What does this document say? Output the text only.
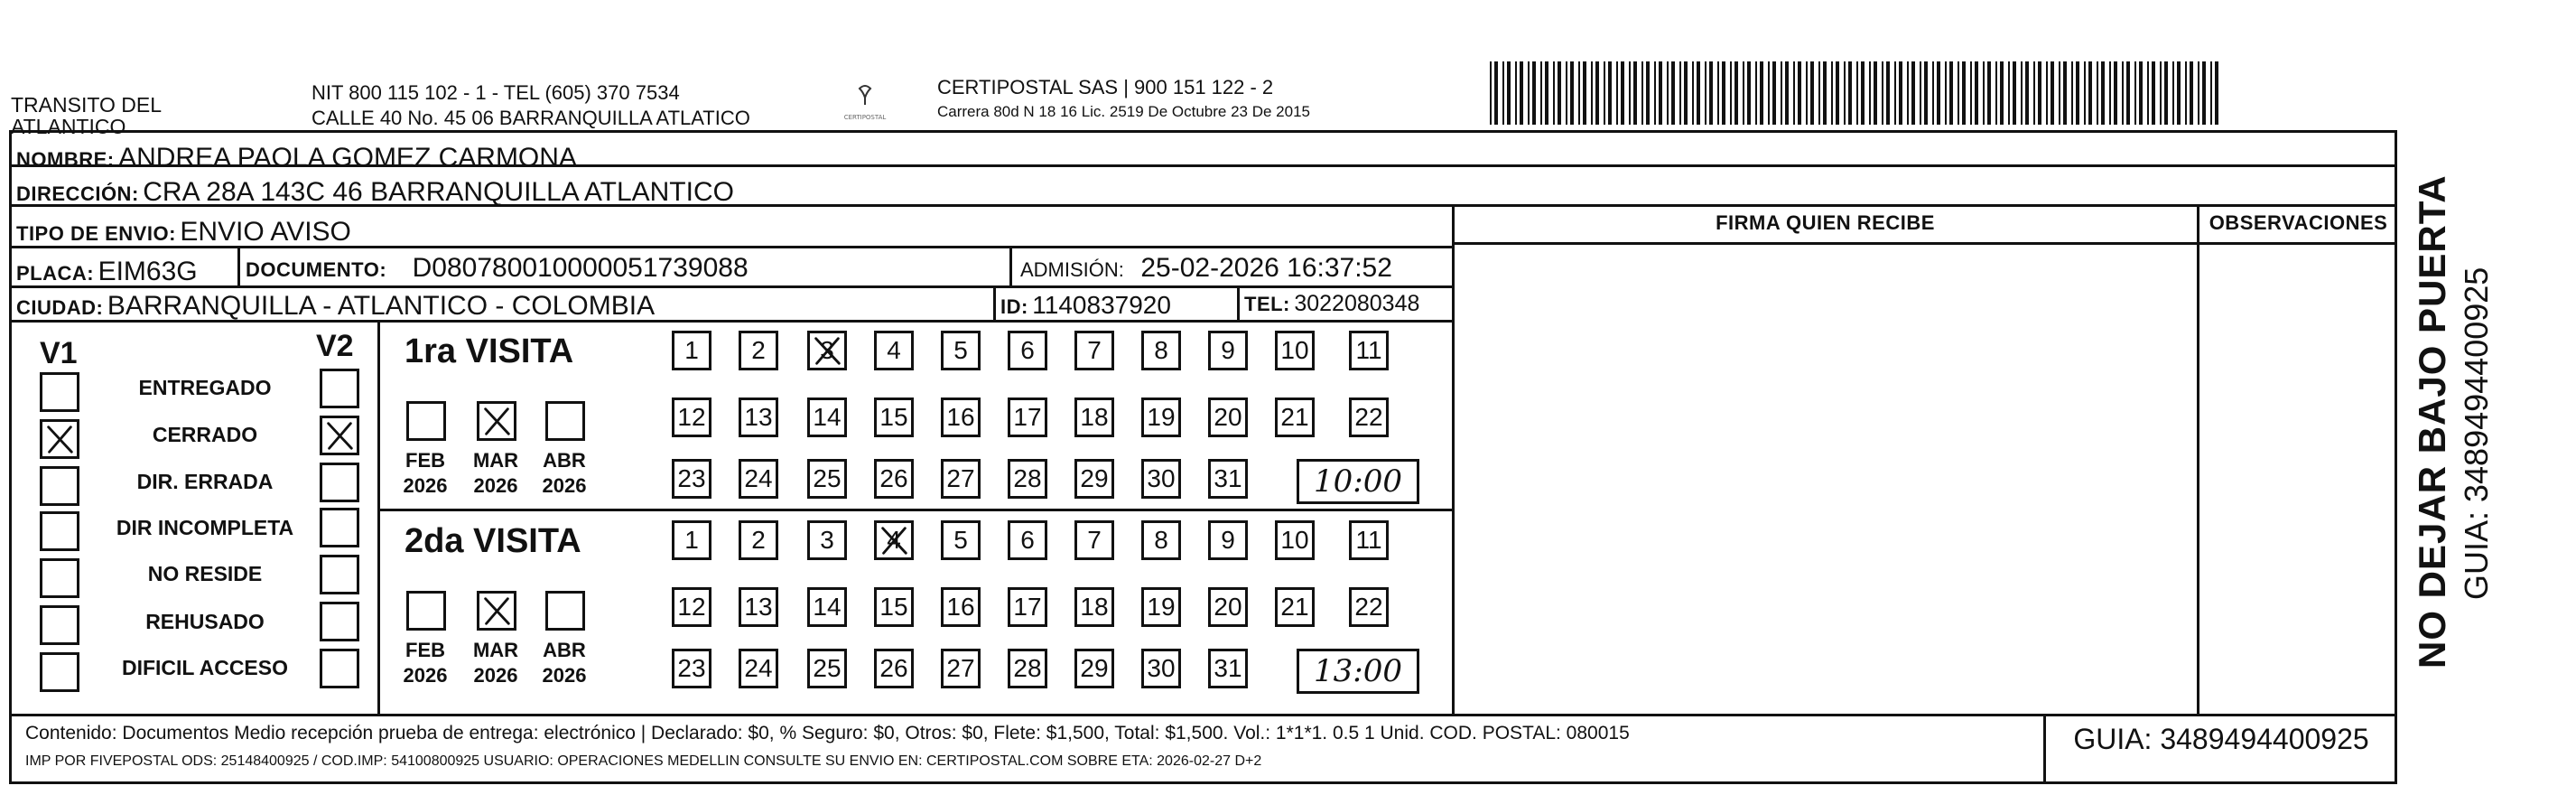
TRANSITO DEL
ATLANTICO
NIT 800 115 102 - 1 - TEL (605) 370 7534
CALLE 40 No. 45 06 BARRANQUILLA ATLATICO	CERTIPOSTAL
CERTIPOSTAL SAS | 900 151 122 - 2
Carrera 80d N 18 16 Lic. 2519 De Octubre 23 De 2015
NOMBRE: ANDREA PAOLA GOMEZ CARMONA
DIRECCIÓN: CRA 28A 143C 46 BARRANQUILLA ATLANTICO
TIPO DE ENVIO: ENVIO AVISO
PLACA: EIM63G DOCUMENTO: D080780010000051739088	ADMISIÓN: 25-02-2026 16:37:52
CIUDAD: BARRANQUILLA - ATLANTICO - COLOMBIA	ID: 1140837920	TEL: 3022080348
FIRMA QUIEN RECIBE	OBSERVACIONES
V1	V2
ENTREGADO
CERRADO
DIR. ERRADA
DIR INCOMPLETA
NO RESIDE
REHUSADO
DIFICIL ACCESO
1ra VISITA
FEB
2026
MAR
2026
ABR
2026
1	2	3	4	5	6	7	8	9	10 11
12 13 14 15 16 17 18 19 20 21 22
23 24 25 26 27 28 29 30 31 10:00
2da VISITA
FEB
2026
MAR
2026
ABR
2026
1	2	3	4	5	6	7	8	9	10 11
12 13 14 15 16 17 18 19 20 21 22
23 24 25 26 27 28 29 30 31 13:00
Contenido: Documentos Medio recepción prueba de entrega: electrónico | Declarado: $0, % Seguro: $0, Otros: $0, Flete: $1,500, Total: $1,500. Vol.: 1*1*1. 0.5 1 Unid. COD. POSTAL: 080015
IMP POR FIVEPOSTAL ODS: 25148400925 / COD.IMP: 54100800925 USUARIO: OPERACIONES MEDELLIN CONSULTE SU ENVIO EN: CERTIPOSTAL.COM SOBRE ETA: 2026-02-27 D+2
GUIA: 3489494400925
NO DEJAR BAJO PUERTA GUIA: 3489494400925
